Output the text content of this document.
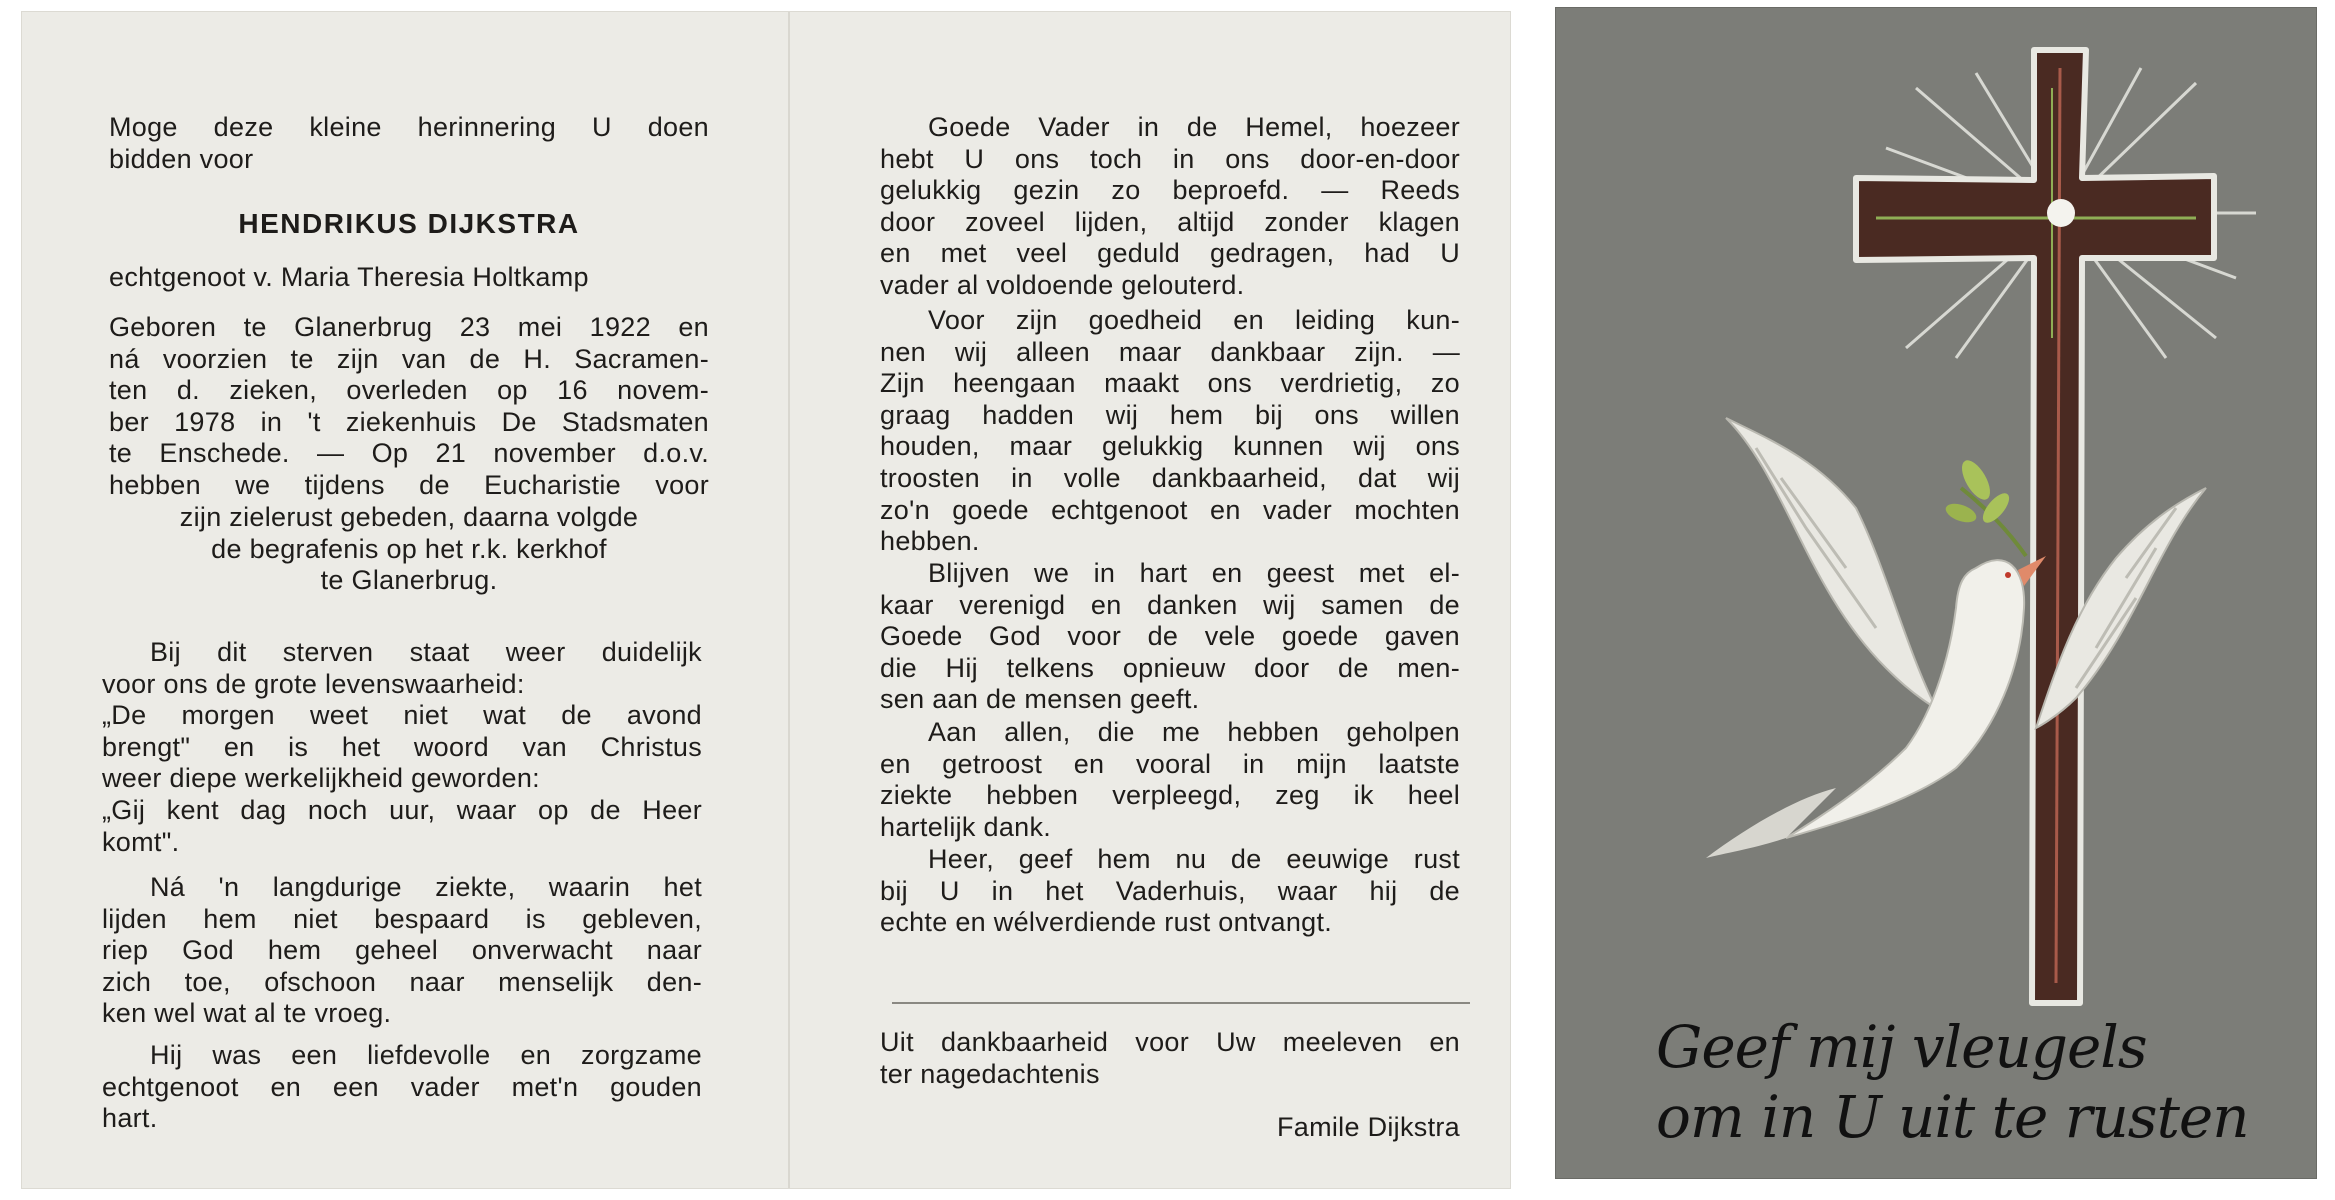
Moge deze kleine herinnering U doen
bidden voor
HENDRIKUS DIJKSTRA
echtgenoot v. Maria Theresia Holtkamp
Geboren te Glanerbrug 23 mei 1922 en
ná voorzien te zijn van de H. Sacramen-
ten d. zieken, overleden op 16 novem-
ber 1978 in 't ziekenhuis De Stadsmaten
te Enschede. — Op 21 november d.o.v.
hebben we tijdens de Eucharistie voor
zijn zielerust gebeden, daarna volgde
de begrafenis op het r.k. kerkhof
te Glanerbrug.
Bij dit sterven staat weer duidelijk
voor ons de grote levenswaarheid:
„De morgen weet niet wat de avond
brengt" en is het woord van Christus
weer diepe werkelijkheid geworden:
„Gij kent dag noch uur, waar op de Heer
komt".
Ná 'n langdurige ziekte, waarin het
lijden hem niet bespaard is gebleven,
riep God hem geheel onverwacht naar
zich toe, ofschoon naar menselijk den-
ken wel wat al te vroeg.
Hij was een liefdevolle en zorgzame
echtgenoot en een vader met'n gouden
hart.
Goede Vader in de Hemel, hoezeer
hebt U ons toch in ons door-en-door
gelukkig gezin zo beproefd. — Reeds
door zoveel lijden, altijd zonder klagen
en met veel geduld gedragen, had U
vader al voldoende gelouterd.
Voor zijn goedheid en leiding kun-
nen wij alleen maar dankbaar zijn. —
Zijn heengaan maakt ons verdrietig, zo
graag hadden wij hem bij ons willen
houden, maar gelukkig kunnen wij ons
troosten in volle dankbaarheid, dat wij
zo'n goede echtgenoot en vader mochten
hebben.
Blijven we in hart en geest met el-
kaar verenigd en danken wij samen de
Goede God voor de vele goede gaven
die Hij telkens opnieuw door de men-
sen aan de mensen geeft.
Aan allen, die me hebben geholpen
en getroost en vooral in mijn laatste
ziekte hebben verpleegd, zeg ik heel
hartelijk dank.
Heer, geef hem nu de eeuwige rust
bij U in het Vaderhuis, waar hij de
echte en wélverdiende rust ontvangt.
Uit dankbaarheid voor Uw meeleven en
ter nagedachtenis
Famile Dijkstra
Geef mij vleugels
om in U uit te rusten
